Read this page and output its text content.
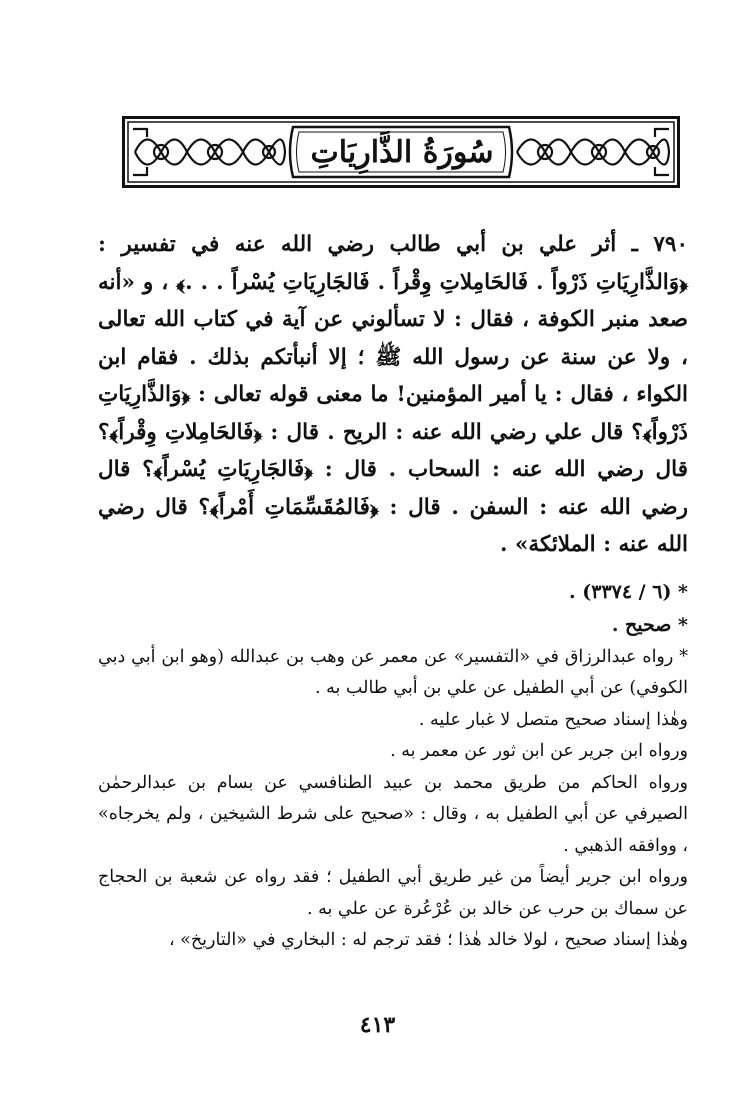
سُورَةُ الذَّارِيَاتِ

٧٩٠ ـ أثر علي بن أبي طالب رضي الله عنه في تفسير : ﴿وَالذَّارِيَاتِ ذَرْواً . فَالحَامِلاتِ وِقْراً . فَالجَارِيَاتِ يُسْراً . . .﴾ ، و «أنه صعد منبر الكوفة ، فقال : لا تسألوني عن آية في كتاب الله تعالى ، ولا عن سنة عن رسول الله ﷺ ؛ إلا أنبأتكم بذلك . فقام ابن الكواء ، فقال : يا أمير المؤمنين! ما معنى قوله تعالى : ﴿وَالذَّارِيَاتِ ذَرْواً﴾؟ قال علي رضي الله عنه : الريح . قال : ﴿فَالحَامِلاتِ وِقْراً﴾؟ قال رضي الله عنه : السحاب . قال : ﴿فَالجَارِيَاتِ يُسْراً﴾؟ قال رضي الله عنه : السفن . قال : ﴿فَالمُقَسِّمَاتِ أَمْراً﴾؟ قال رضي الله عنه : الملائكة» .

* (٦ / ٣٣٧٤) .

* صحيح .

* رواه عبدالرزاق في «التفسير» عن معمر عن وهب بن عبدالله (وهو ابن أبي دبي الكوفي) عن أبي الطفيل عن علي بن أبي طالب به .

وهٰذا إسناد صحيح متصل لا غبار عليه .

ورواه ابن جرير عن ابن ثور عن معمر به .

ورواه الحاكم من طريق محمد بن عبيد الطنافسي عن بسام بن عبدالرحمٰن الصيرفي عن أبي الطفيل به ، وقال : «صحيح على شرط الشيخين ، ولم يخرجاه» ، ووافقه الذهبي .

ورواه ابن جرير أيضاً من غير طريق أبي الطفيل ؛ فقد رواه عن شعبة بن الحجاج عن سماك بن حرب عن خالد بن عُرْعُرة عن علي به .

وهٰذا إسناد صحيح ، لولا خالد هٰذا ؛ فقد ترجم له : البخاري في «التاريخ» ،

٤١٣
